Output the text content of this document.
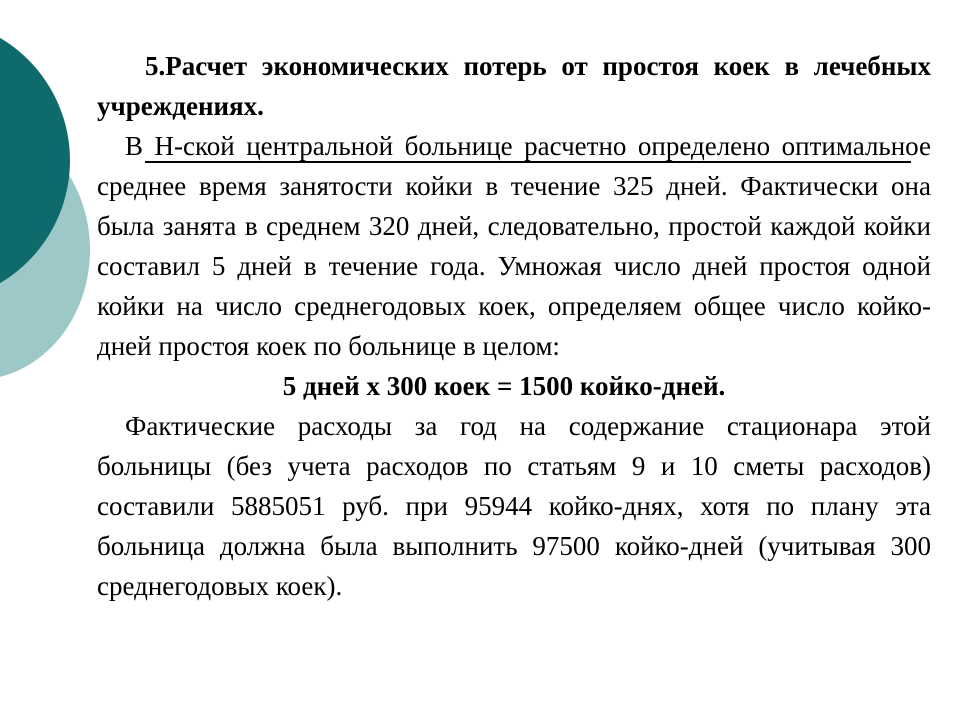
5.Расчет экономических потерь от простоя коек в лечебных учреждениях.

В Н-ской центральной больнице расчетно определено оптимальное среднее время занятости койки в течение 325 дней. Фактически она была занята в среднем 320 дней, следовательно, простой каждой койки составил 5 дней в течение года. Умножая число дней простоя одной койки на число среднегодовых коек, определяем общее число койко-дней простоя коек по больнице в целом:

5 дней х 300 коек = 1500 койко-дней.

Фактические расходы за год на содержание стационара этой больницы (без учета расходов по статьям 9 и 10 сметы расходов) составили 5885051 руб. при 95944 койко-днях, хотя по плану эта больница должна была выполнить 97500 койко-дней (учитывая 300 среднегодовых коек).
